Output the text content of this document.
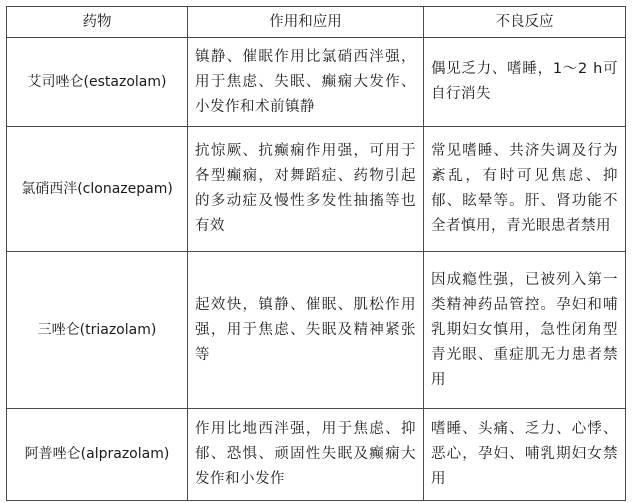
药物	作用和应用	不良反应
艾司唑仑(estazolam)	镇静、催眠作用比氯硝西泮强，用于焦虑、失眠、癫痫大发作、小发作和术前镇静	偶见乏力、嗜睡，1～2 h可自行消失
氯硝西泮(clonazepam)	抗惊厥、抗癫痫作用强，可用于各型癫痫，对舞蹈症、药物引起的多动症及慢性多发性抽搐等也有效	常见嗜睡、共济失调及行为紊乱，有时可见焦虑、抑郁、眩晕等。肝、肾功能不全者慎用，青光眼患者禁用
三唑仑(triazolam)	起效快，镇静、催眠、肌松作用强，用于焦虑、失眠及精神紧张等	因成瘾性强，已被列入第一类精神药品管控。孕妇和哺乳期妇女慎用，急性闭角型青光眼、重症肌无力患者禁用
阿普唑仑(alprazolam)	作用比地西泮强，用于焦虑、抑郁、恐惧、顽固性失眠及癫痫大发作和小发作	嗜睡、头痛、乏力、心悸、恶心，孕妇、哺乳期妇女禁用
